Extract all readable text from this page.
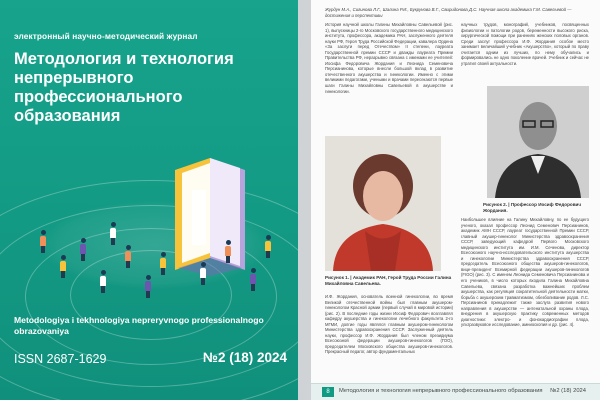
электронный научно-методический журнал
Методология и технология непрерывного профессионального образования
Metodologiya i tekhnologiya nepreryvnogo professionalnogo obrazovaniya
ISSN 2687-1629	№2 (18) 2024
Журдун М.А., Сигинова Л.Г., Шалина Р.И., Букрунова В.Г., Свиридонова Д.С. Научная школа академика Г.М. Савельевой — достижения и перспективы
История научной школы Галины Михайловны Савельевой (рис. 1), выпускницы 2-го Московского государственного медицинского института, профессора, академика РАН, заслуженного деятеля науки РФ, Героя Труда Российской Федерации, кавалера Ордена «За заслуги перед Отечеством» II степени, лауреата Государственной премии СССР и дважды лауреата Премии Правительства РФ, неразрывно связана с именами ее учителей: Иосифа Федоровича Жордания и Леонида Семеновича Персианинова, которые внесли большой вклад в развитие отечественного акушерства и гинекологии. Именно с этими великими педагогами, учеными и врачами пересекаются первые шаги Галины Михайловны Савельевой в акушерстве и гинекологии.
научных трудов, монографий, учебников, посвященных физиологии и патологии родов, беременности высокого риска, хирургической помощи при ранениях женских половых органов. Среди заслуг профессора И.Ф. Жордания особое место занимает величайший учебник «Акушерство», который по праву считается одним из лучших, по нему обучались и формировались не одно поколение врачей. Учебник и сейчас не утратил своей актуальности.
Рисунок 2. | Профессор Иосиф Федорович Жордания.
Наибольшее влияние на Галину Михайловну, по ее будущего ученого, оказал профессор Леонид Семенович Персианинов, академик АМН СССР, лауреат государственной Премии СССР, главный акушер-гинеколог Министерства здравоохранения СССР, заведующий кафедрой Первого Московского медицинского института им. И.М. Сеченова, директор Всесоюзного научно-исследовательского института акушерства и гинекологии Министерства здравоохранения СССР, председатель Всесоюзного общества акушеров-гинекологов, вице-президент Всемирной федерации акушеров-гинекологов (FIGO) (рис. 3). С именем Леонида Семеновича Персианинова и его учеников, в число которых входила Галина Михайловна Савельева, связана разработка важнейших проблем акушерства, как регуляция сократительной деятельности матки, борьба с акушерским травматизмом, обезболивание родов. Л.С. Персианинов принадлежит также заслуга развития нового направления в акушерстве — антенатальной охраны плода, внедрения в акушерскую практику современных методов диагностики: электро- и фонокардиографии плода, ультразвуковое исследование, амниоскопия и др. (рис. 4).
Рисунок 1. | Академик РАН, Герой Труда России Галина Михайловна Савельева.
И.Ф. Жордания, основатель военной гинекологии, во время Великой отечественной войны был главным акушером-гинекологом Красной армии (первый случай в мировой истории) (рис. 2). В последние годы жизни Иосиф Федорович возглавлял кафедру акушерства и гинекологии лечебного факультета 2-го МГМИ, долгие годы являлся главным акушером-гинекологом Министерства здравоохранения СССР. Заслуженный деятель науки, профессор И.Ф. Жордания был членом президиума Всесоюзной федерации акушеров-гинекологов (ГОО), председателем Московского общества акушеров-гинекологов. Прекрасный педагог, автор фундаментальных
8	Методология и технология непрерывного профессионального образования №2 (18) 2024
